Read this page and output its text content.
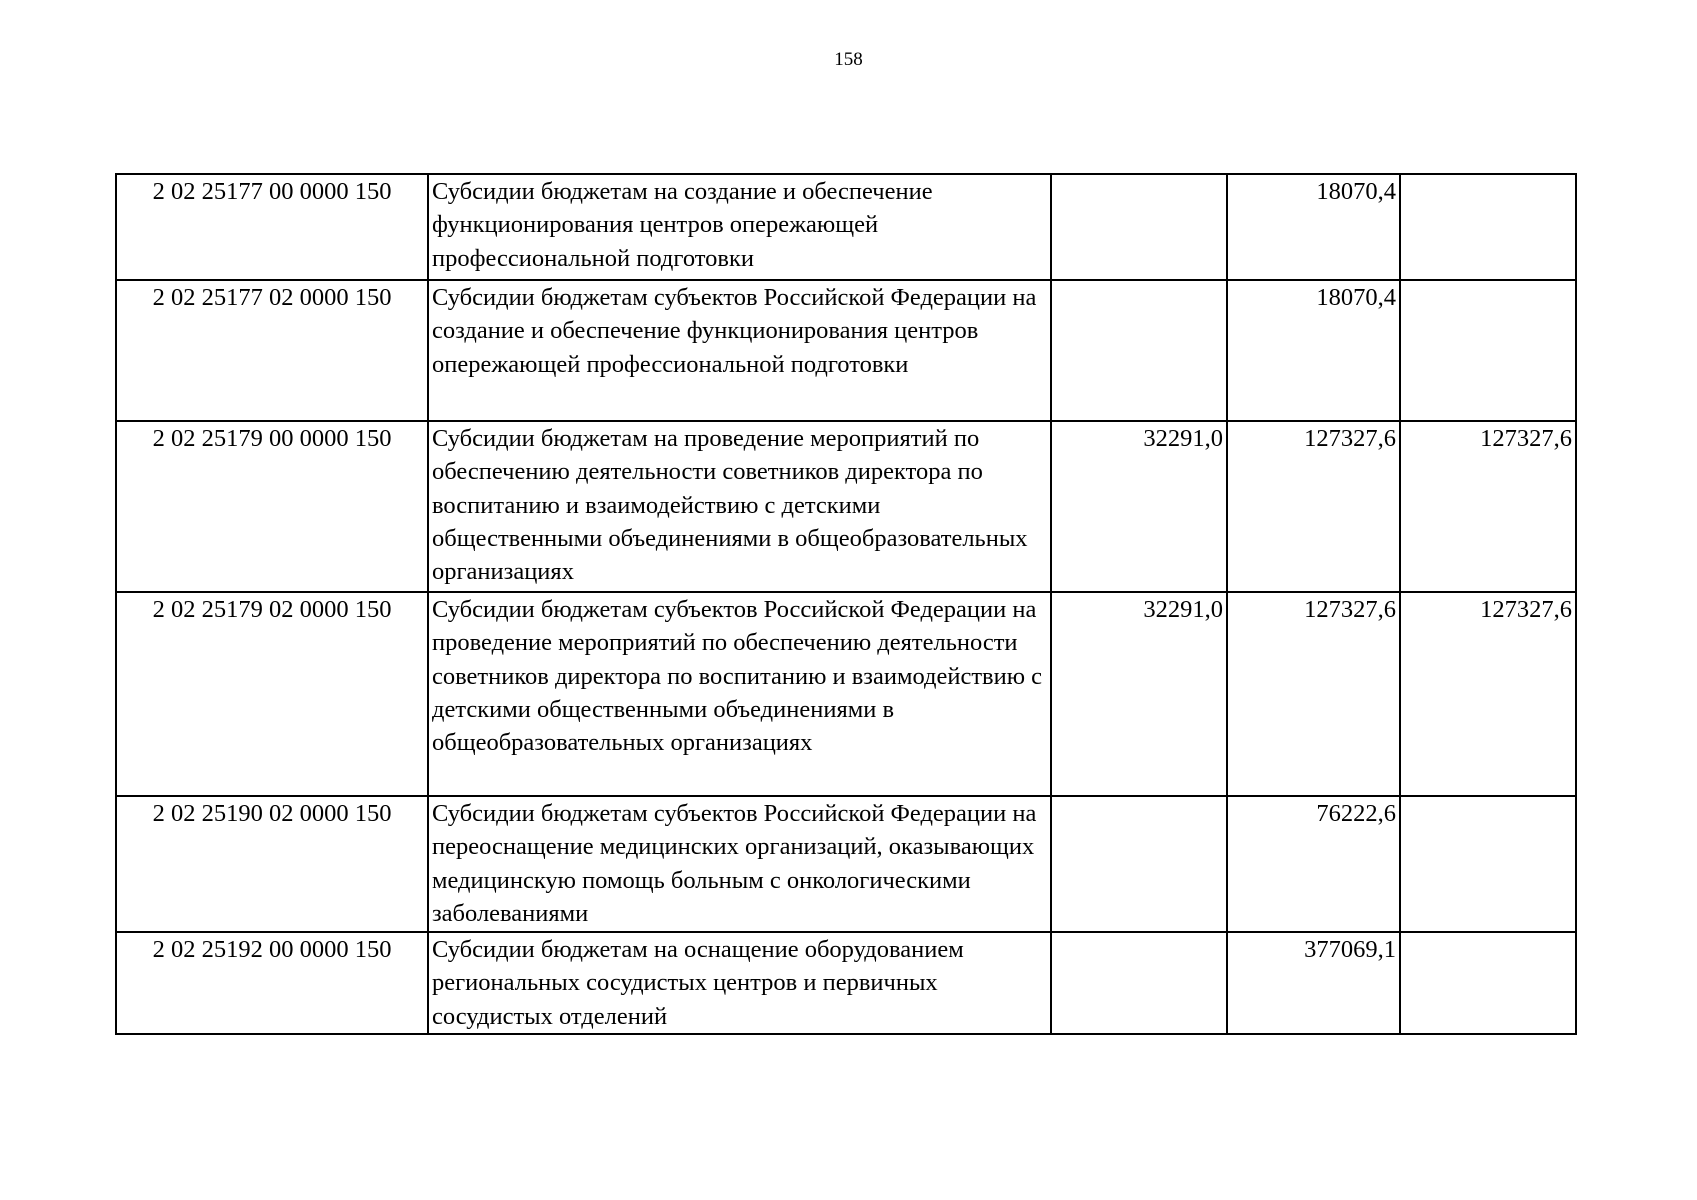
158
2 02 25177 00 0000 150	Субсидии бюджетам на создание и обеспечение функционирования центров опережающей профессиональной подготовки		18070,4	
2 02 25177 02 0000 150	Субсидии бюджетам субъектов Российской Федерации на создание и обеспечение функционирования центров опережающей профессиональной подготовки		18070,4	
2 02 25179 00 0000 150	Субсидии бюджетам на проведение мероприятий по обеспечению деятельности советников директора по воспитанию и взаимодействию с детскими общественными объединениями в общеобразовательных организациях	32291,0	127327,6	127327,6
2 02 25179 02 0000 150	Субсидии бюджетам субъектов Российской Федерации на проведение мероприятий по обеспечению деятельности советников директора по воспитанию и взаимодействию с детскими общественными объединениями в общеобразовательных организациях	32291,0	127327,6	127327,6
2 02 25190 02 0000 150	Субсидии бюджетам субъектов Российской Федерации на переоснащение медицинских организаций, оказывающих медицинскую помощь больным с онкологическими заболеваниями		76222,6	
2 02 25192 00 0000 150	Субсидии бюджетам на оснащение оборудованием региональных сосудистых центров и первичных сосудистых отделений		377069,1	
